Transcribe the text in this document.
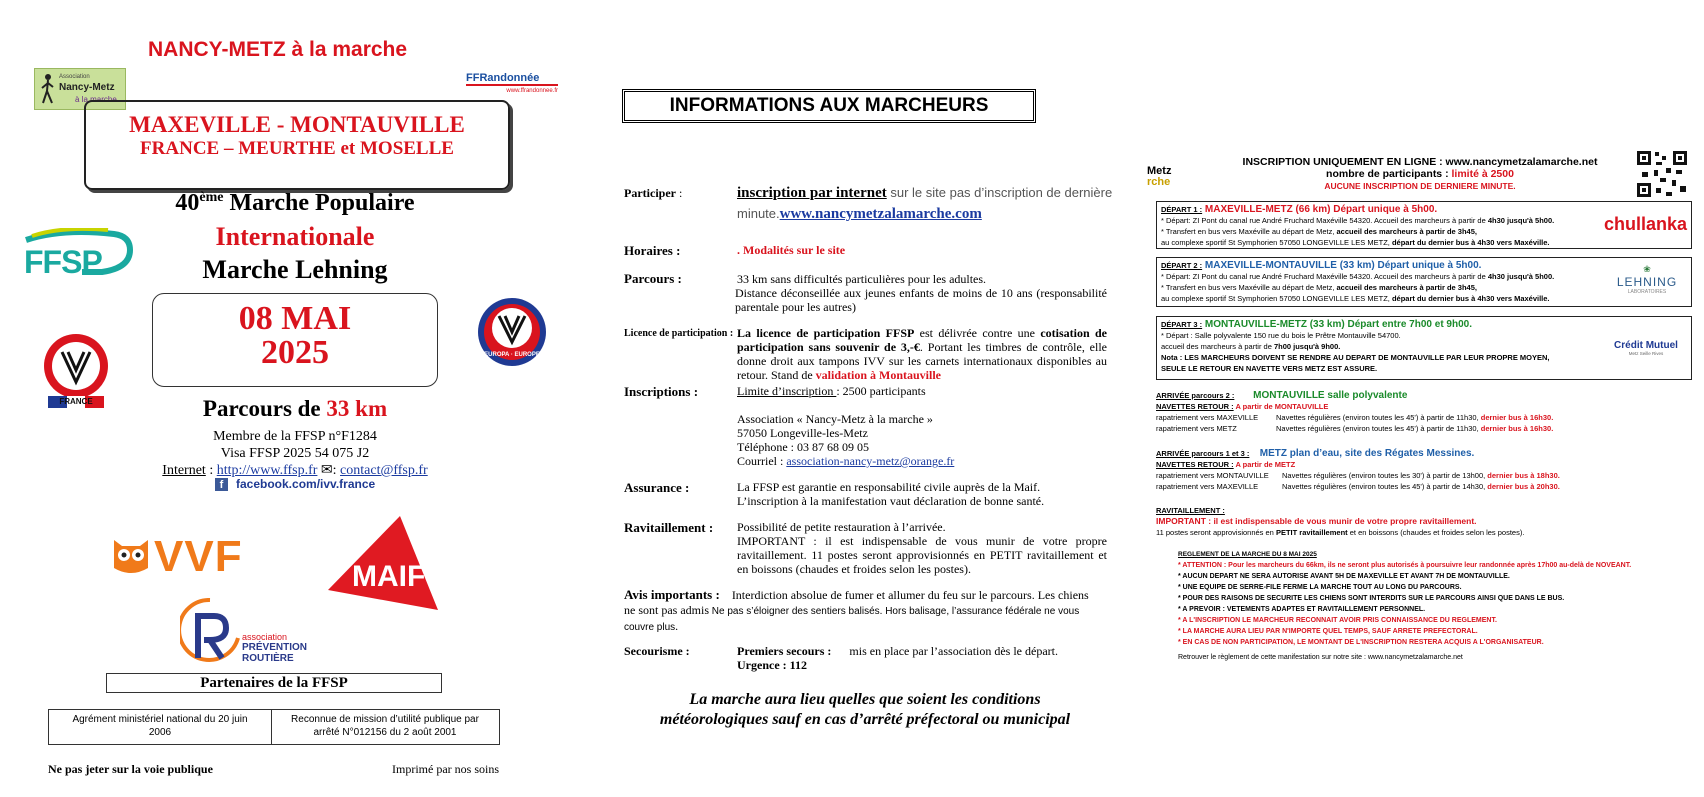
NANCY-METZ à la marche
Association
Nancy-Metz
à la marche
FFRandonnée
www.ffrandonnee.fr
MAXEVILLE - MONTAUVILLE
FRANCE – MEURTHE et MOSELLE
40ème Marche Populaire
Internationale
Marche Lehning
FFSP
08 MAI
2025
FRANCE
EUROPA · EUROPE
Parcours de 33 km
Membre de la FFSP n°F1284
Visa FFSP 2025 54 075 J2
Internet : http://www.ffsp.fr ✉: contact@ffsp.fr
f facebook.com/ivv.france
VVF	MAIF
association
PRÉVENTION
ROUTIÈRE
Partenaires de la FFSP
Agrément ministériel national du 20 juin 2006
Reconnue de mission d’utilité publique par arrêté N°012156 du 2 août 2001
Ne pas jeter sur la voie publique	Imprimé par nos soins
INFORMATIONS AUX MARCHEURS
Participer :	inscription par internet sur le site pas d’inscription de dernière minute.www.nancymetzalamarche.com
Horaires :	. Modalités sur le site
Parcours :	33 km sans difficultés particulières pour les adultes.
Distance déconseillée aux jeunes enfants de moins de 10 ans (responsabilité parentale pour les autres)
Licence de participation : La licence de participation FFSP est délivrée contre une cotisation de participation sans souvenir de 3,-€. Portant les timbres de contrôle, elle donne droit aux tampons IVV sur les carnets internationaux disponibles au retour. Stand de validation à Montauville
Inscriptions :	Limite d’inscription : 2500 participants
Association « Nancy-Metz à la marche »
57050 Longeville-les-Metz
Téléphone : 03 87 68 09 05
Courriel : association-nancy-metz@orange.fr
Assurance :	La FFSP est garantie en responsabilité civile auprès de la Maif.
L’inscription à la manifestation vaut déclaration de bonne santé.
Ravitaillement : Possibilité de petite restauration à l’arrivée.
IMPORTANT : il est indispensable de vous munir de votre propre ravitaillement. 11 postes seront approvisionnés en PETIT ravitaillement et en boissons (chaudes et froides selon les postes).
Avis importants : Interdiction absolue de fumer et allumer du feu sur le parcours. Les chiens ne sont pas admis Ne pas s’éloigner des sentiers balisés. Hors balisage, l’assurance fédérale ne vous couvre plus.
Secourisme :	Premiers secours : mis en place par l’association dès le départ.
Urgence : 112
La marche aura lieu quelles que soient les conditions
météorologiques sauf en cas d’arrêté préfectoral ou municipal
Metz
rche
INSCRIPTION UNIQUEMENT EN LIGNE : www.nancymetzalamarche.net
nombre de participants : limité à 2500
AUCUNE INSCRIPTION DE DERNIERE MINUTE.
DÉPART 1 : MAXEVILLE-METZ (66 km) Départ unique à 5h00.
* Départ: ZI Pont du canal rue André Fruchard Maxéville 54320. Accueil des marcheurs à partir de 4h30 jusqu'à 5h00.
* Transfert en bus vers Maxéville au départ de Metz, accueil des marcheurs à partir de 3h45,
au complexe sportif St Symphorien 57050 LONGEVILLE LES METZ, départ du dernier bus à 4h30 vers Maxéville.
chullanka
DÉPART 2 : MAXEVILLE-MONTAUVILLE (33 km) Départ unique à 5h00.
* Départ: ZI Pont du canal rue André Fruchard Maxéville 54320. Accueil des marcheurs à partir de 4h30 jusqu'à 5h00.
* Transfert en bus vers Maxéville au départ de Metz, accueil des marcheurs à partir de 3h45,
au complexe sportif St Symphorien 57050 LONGEVILLE LES METZ, départ du dernier bus à 4h30 vers Maxéville.
❀
LEHNING
LABORATOIRES
DÉPART 3 : MONTAUVILLE-METZ (33 km) Départ entre 7h00 et 9h00.
* Départ : Salle polyvalente 150 rue du bois le Prêtre Montauville 54700.
accueil des marcheurs à partir de 7h00 jusqu'à 9h00.
Nota : LES MARCHEURS DOIVENT SE RENDRE AU DEPART DE MONTAUVILLE PAR LEUR PROPRE MOYEN,
SEULE LE RETOUR EN NAVETTE VERS METZ EST ASSURE.
Crédit Mutuel
Metz Seille Rives
ARRIVÉE parcours 2 : MONTAUVILLE salle polyvalente
NAVETTES RETOUR : A partir de MONTAUVILLE
rapatriement vers MAXEVILLE Navettes régulières (environ toutes les 45') à partir de 11h30, dernier bus à 16h30.
rapatriement vers METZ	Navettes régulières (environ toutes les 45') à partir de 11h30, dernier bus à 16h30.
ARRIVÉE parcours 1 et 3 : METZ plan d’eau, site des Régates Messines.
NAVETTES RETOUR : A partir de METZ
rapatriement vers MONTAUVILLE Navettes régulières (environ toutes les 30') à partir de 13h00, dernier bus à 18h30.
rapatriement vers MAXEVILLE	Navettes régulières (environ toutes les 45') à partir de 14h30, dernier bus à 20h30.
RAVITAILLEMENT :
IMPORTANT : il est indispensable de vous munir de votre propre ravitaillement.
11 postes seront approvisionnés en PETIT ravitaillement et en boissons (chaudes et froides selon les postes).
REGLEMENT DE LA MARCHE DU 8 MAI 2025
* ATTENTION : Pour les marcheurs du 66km, ils ne seront plus autorisés à poursuivre leur randonnée après 17h00 au-delà de NOVEANT.
* AUCUN DEPART NE SERA AUTORISE AVANT 5H DE MAXEVILLE ET AVANT 7H DE MONTAUVILLE.
* UNE EQUIPE DE SERRE-FILE FERME LA MARCHE TOUT AU LONG DU PARCOURS.
* POUR DES RAISONS DE SECURITE LES CHIENS SONT INTERDITS SUR LE PARCOURS AINSI QUE DANS LE BUS.
* A PREVOIR : VETEMENTS ADAPTES ET RAVITAILLEMENT PERSONNEL.
* A L'INSCRIPTION LE MARCHEUR RECONNAIT AVOIR PRIS CONNAISSANCE DU REGLEMENT.
* LA MARCHE AURA LIEU PAR N'IMPORTE QUEL TEMPS, SAUF ARRETE PREFECTORAL.
* EN CAS DE NON PARTICIPATION, LE MONTANT DE L'INSCRIPTION RESTERA ACQUIS A L'ORGANISATEUR.
Retrouver le règlement de cette manifestation sur notre site : www.nancymetzalamarche.net
